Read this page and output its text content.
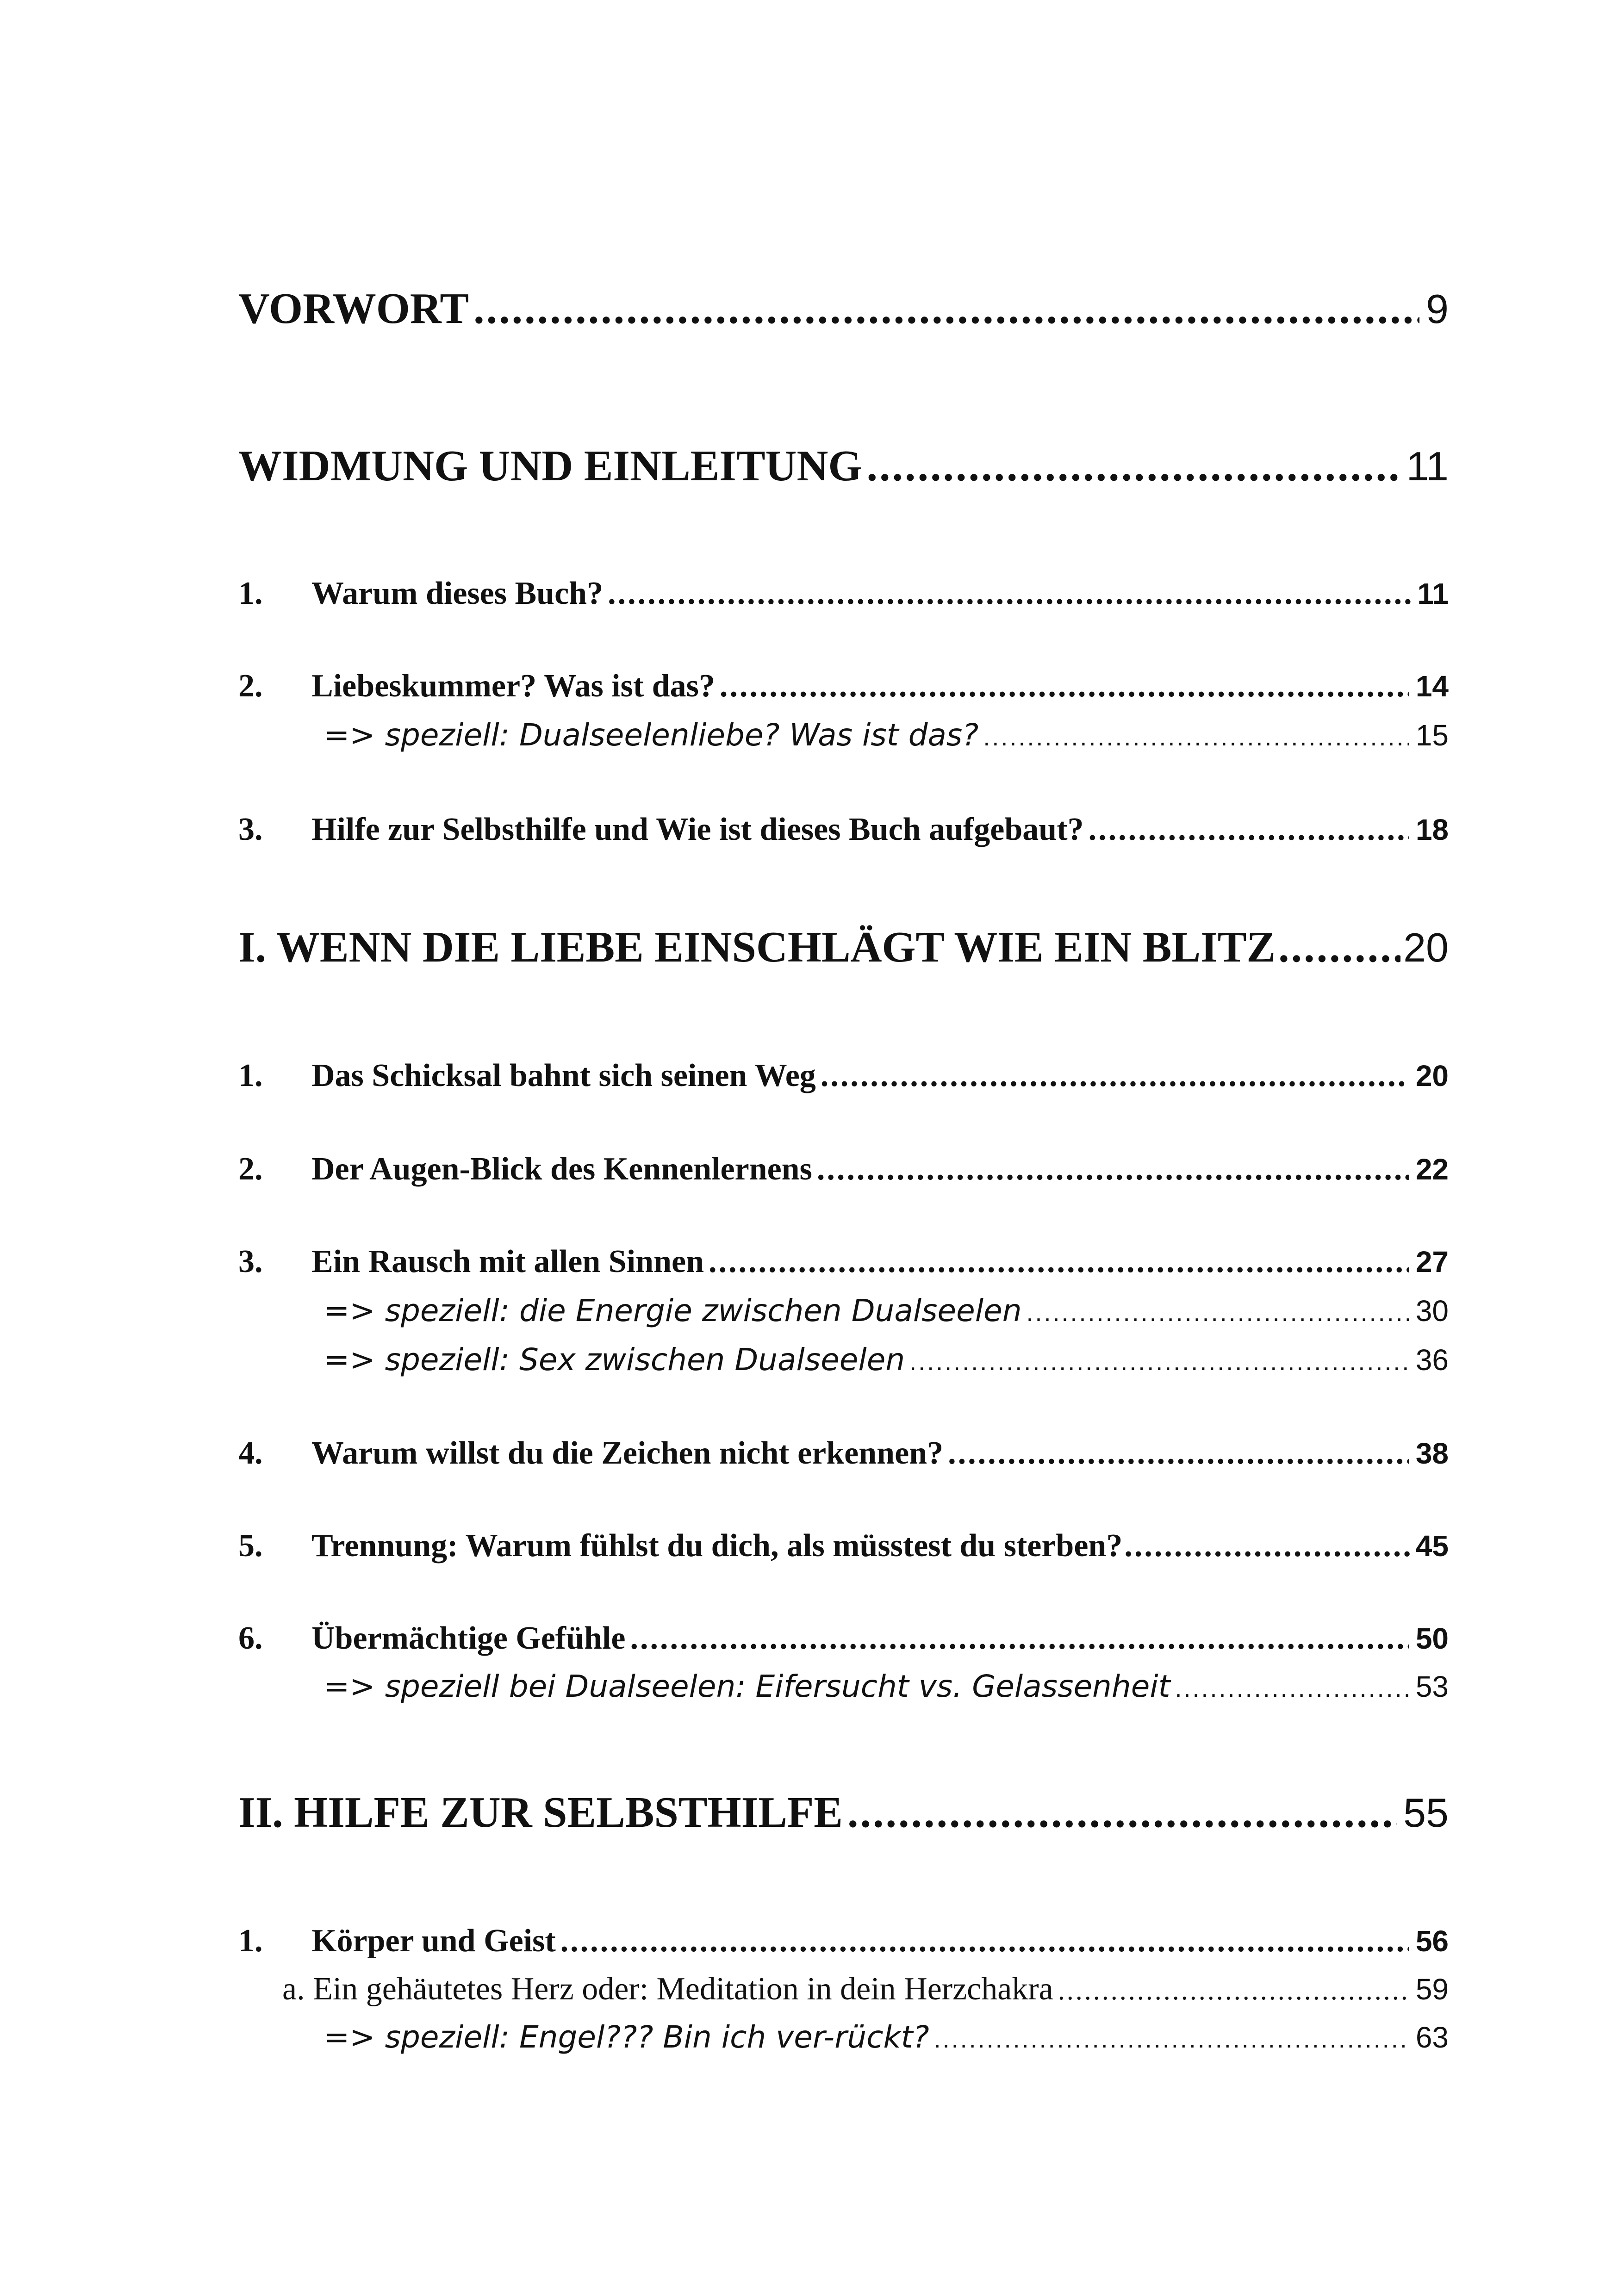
VORWORT .....	9
WIDMUNG UND EINLEITUNG .....	11
1.	Warum dieses Buch? .....	11
2.	Liebeskummer? Was ist das? .....	14
=> speziell: Dualseelenliebe? Was ist das? .....	15
3.	Hilfe zur Selbsthilfe und Wie ist dieses Buch aufgebaut? .....	18
I. WENN DIE LIEBE EINSCHLÄGT WIE EIN BLITZ .....	20
1.	Das Schicksal bahnt sich seinen Weg .....	20
2.	Der Augen-Blick des Kennenlernens .....	22
3.	Ein Rausch mit allen Sinnen .....	27
=> speziell: die Energie zwischen Dualseelen .....	30
=> speziell: Sex zwischen Dualseelen .....	36
4.	Warum willst du die Zeichen nicht erkennen? .....	38
5.	Trennung: Warum fühlst du dich, als müsstest du sterben? .....	45
6.	Übermächtige Gefühle .....	50
=> speziell bei Dualseelen: Eifersucht vs. Gelassenheit .....	53
II. HILFE ZUR SELBSTHILFE .....	55
1.	Körper und Geist .....	56
a. Ein gehäutetes Herz oder: Meditation in dein Herzchakra .....	59
=> speziell: Engel??? Bin ich ver-rückt? .....	63
